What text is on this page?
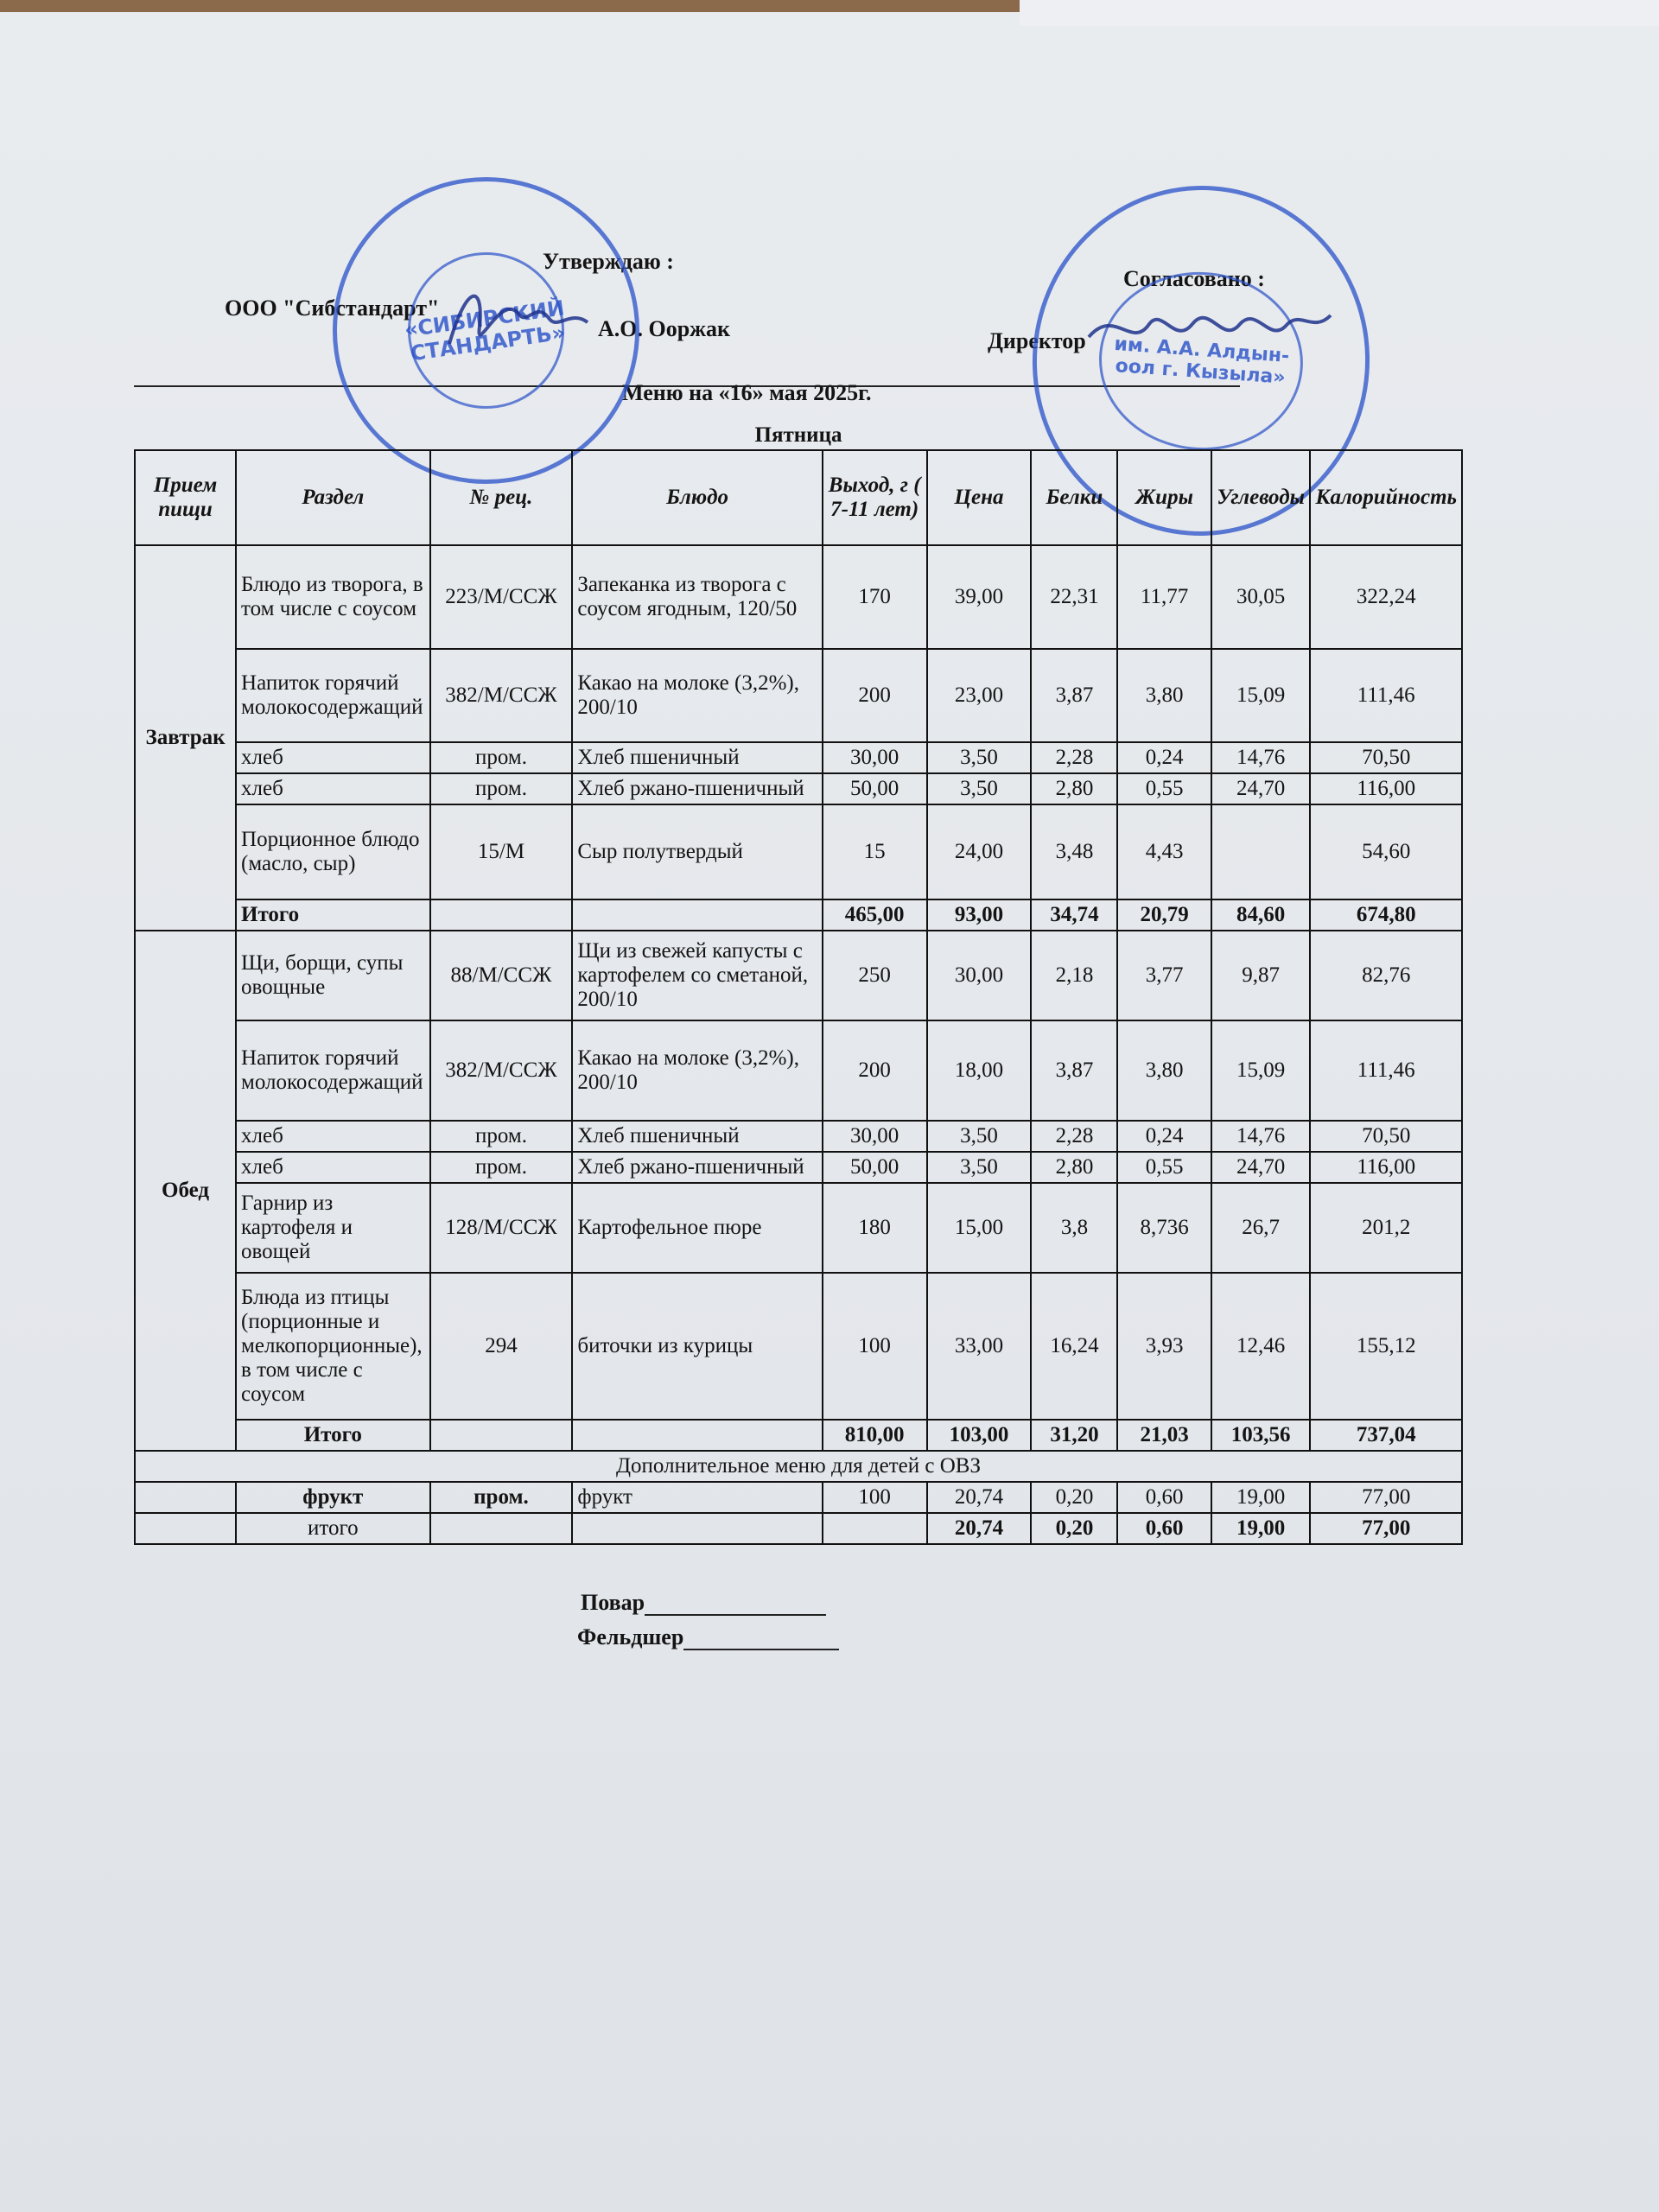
Утверждаю :
ООО "Сибстандарт"
А.О. Ооржак
Согласовано :
Директор
Меню на «16» мая 2025г.
«СИБИРСКИЙ СТАНДАРТЬ»	им. А.А. Алдын-оол г. Кызыла»
Пятница									
Прием пищи	Раздел	№ рец.	Блюдо	Выход, г ( 7-11 лет)	Цена	Белки	Жиры	Углеводы	Калорийность
Завтрак	Блюдо из творога, в том числе с соусом	223/М/ССЖ	Запеканка из творога с соусом ягодным, 120/50	170	39,00	22,31	11,77	30,05	322,24
	Напиток горячий молокосодержащий	382/М/ССЖ	Какао на молоке (3,2%), 200/10	200	23,00	3,87	3,80	15,09	111,46
	хлеб	пром.	Хлеб пшеничный	30,00	3,50	2,28	0,24	14,76	70,50
	хлеб	пром.	Хлеб ржано-пшеничный	50,00	3,50	2,80	0,55	24,70	116,00
	Порционное блюдо (масло, сыр)	15/М	Сыр полутвердый	15	24,00	3,48	4,43		54,60
	Итого			465,00	93,00	34,74	20,79	84,60	674,80
Обед	Щи, борщи, супы овощные	88/М/ССЖ	Щи из свежей капусты с картофелем со сметаной, 200/10	250	30,00	2,18	3,77	9,87	82,76
	Напиток горячий молокосодержащий	382/М/ССЖ	Какао на молоке (3,2%), 200/10	200	18,00	3,87	3,80	15,09	111,46
	хлеб	пром.	Хлеб пшеничный	30,00	3,50	2,28	0,24	14,76	70,50
	хлеб	пром.	Хлеб ржано-пшеничный	50,00	3,50	2,80	0,55	24,70	116,00
	Гарнир из картофеля и овощей	128/М/ССЖ	Картофельное пюре	180	15,00	3,8	8,736	26,7	201,2
	Блюда из птицы (порционные и мелкопорционные), в том числе с соусом	294	биточки из курицы	100	33,00	16,24	3,93	12,46	155,12
	Итого			810,00	103,00	31,20	21,03	103,56	737,04
Дополнительное меню для детей с ОВЗ									
	фрукт	пром.	фрукт	100	20,74	0,20	0,60	19,00	77,00
	итого				20,74	0,20	0,60	19,00	77,00
Повар
Фельдшер
